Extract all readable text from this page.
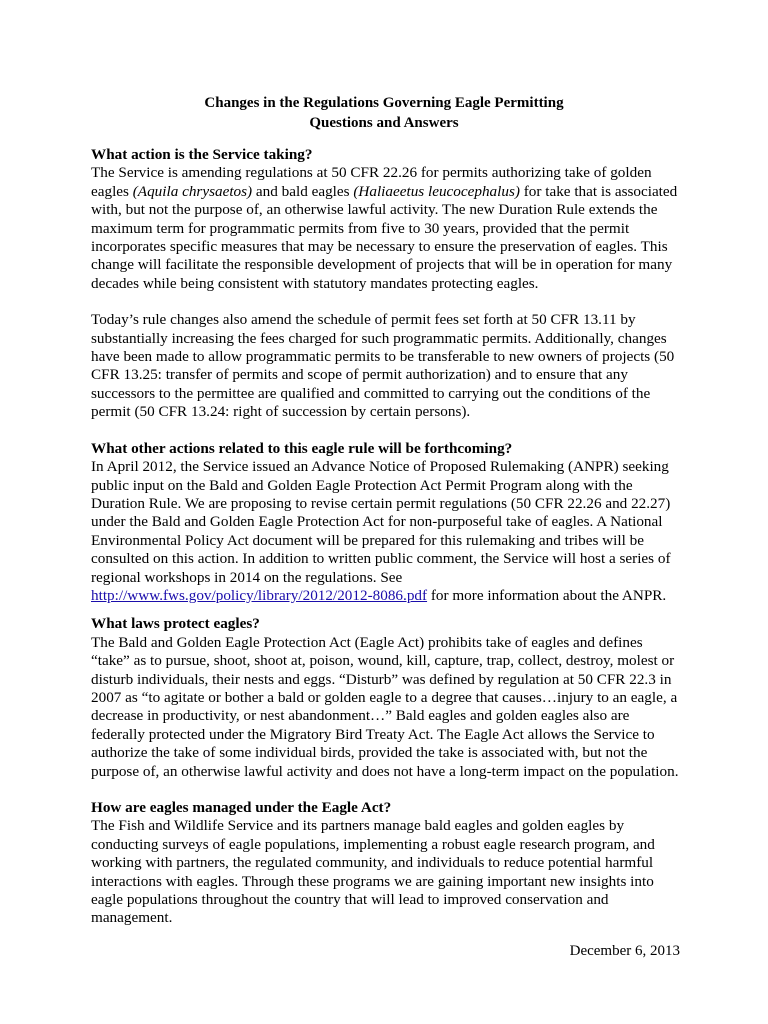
Changes in the Regulations Governing Eagle Permitting
Questions and Answers
What action is the Service taking?

The Service is amending regulations at 50 CFR 22.26 for permits authorizing take of golden eagles (Aquila chrysaetos) and bald eagles (Haliaeetus leucocephalus) for take that is associated with, but not the purpose of, an otherwise lawful activity. The new Duration Rule extends the maximum term for programmatic permits from five to 30 years, provided that the permit incorporates specific measures that may be necessary to ensure the preservation of eagles. This change will facilitate the responsible development of projects that will be in operation for many decades while being consistent with statutory mandates protecting eagles.

Today’s rule changes also amend the schedule of permit fees set forth at 50 CFR 13.11 by substantially increasing the fees charged for such programmatic permits. Additionally, changes have been made to allow programmatic permits to be transferable to new owners of projects (50 CFR 13.25: transfer of permits and scope of permit authorization) and to ensure that any successors to the permittee are qualified and committed to carrying out the conditions of the permit (50 CFR 13.24: right of succession by certain persons).

What other actions related to this eagle rule will be forthcoming?

In April 2012, the Service issued an Advance Notice of Proposed Rulemaking (ANPR) seeking public input on the Bald and Golden Eagle Protection Act Permit Program along with the Duration Rule. We are proposing to revise certain permit regulations (50 CFR 22.26 and 22.27) under the Bald and Golden Eagle Protection Act for non-purposeful take of eagles. A National Environmental Policy Act document will be prepared for this rulemaking and tribes will be consulted on this action. In addition to written public comment, the Service will host a series of regional workshops in 2014 on the regulations. See http://www.fws.gov/policy/library/2012/2012-8086.pdf for more information about the ANPR.

What laws protect eagles?

The Bald and Golden Eagle Protection Act (Eagle Act) prohibits take of eagles and defines “take” as to pursue, shoot, shoot at, poison, wound, kill, capture, trap, collect, destroy, molest or disturb individuals, their nests and eggs. “Disturb” was defined by regulation at 50 CFR 22.3 in 2007 as “to agitate or bother a bald or golden eagle to a degree that causes…injury to an eagle, a decrease in productivity, or nest abandonment…” Bald eagles and golden eagles also are federally protected under the Migratory Bird Treaty Act. The Eagle Act allows the Service to authorize the take of some individual birds, provided the take is associated with, but not the purpose of, an otherwise lawful activity and does not have a long-term impact on the population.

How are eagles managed under the Eagle Act?

The Fish and Wildlife Service and its partners manage bald eagles and golden eagles by conducting surveys of eagle populations, implementing a robust eagle research program, and working with partners, the regulated community, and individuals to reduce potential harmful interactions with eagles. Through these programs we are gaining important new insights into eagle populations throughout the country that will lead to improved conservation and management.

December 6, 2013
